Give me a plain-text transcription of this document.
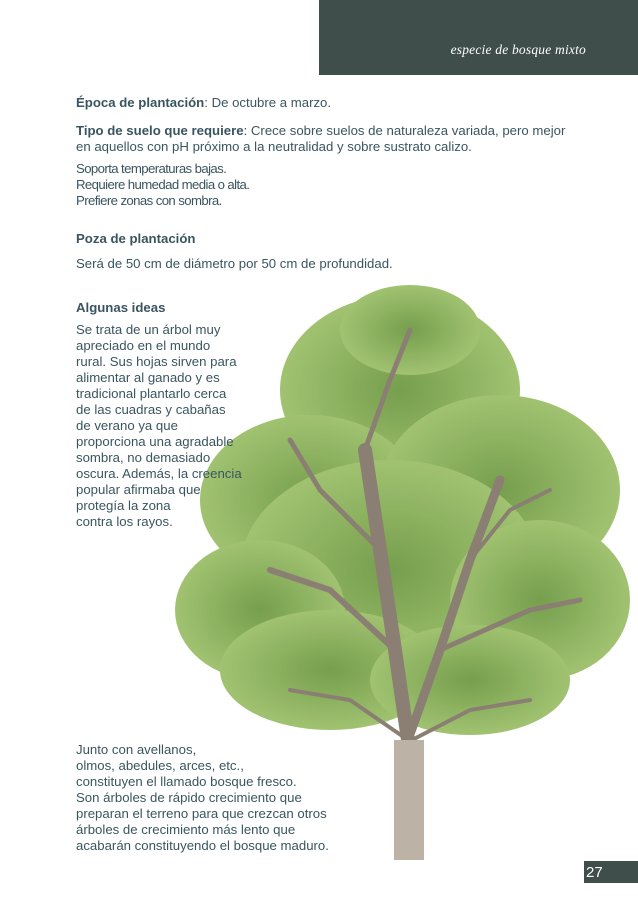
especie de bosque mixto
Época de plantación: De octubre a marzo.
Tipo de suelo que requiere: Crece sobre suelos de naturaleza variada, pero mejor
en aquellos con pH próximo a la neutralidad y sobre sustrato calizo.
Soporta temperaturas bajas.
Requiere humedad media o alta.
Prefiere zonas con sombra.
Poza de plantación
Será de 50 cm de diámetro por 50 cm de profundidad.
Algunas ideas
Se trata de un árbol muy
apreciado en el mundo
rural. Sus hojas sirven para
alimentar al ganado y es
tradicional plantarlo cerca
de las cuadras y cabañas
de verano ya que
proporciona una agradable
sombra, no demasiado
oscura. Además, la creencia
popular afirmaba que
protegía la zona
contra los rayos.
Junto con avellanos,
olmos, abedules, arces, etc.,
constituyen el llamado bosque fresco.
Son árboles de rápido crecimiento que
preparan el terreno para que crezcan otros
árboles de crecimiento más lento que
acabarán constituyendo el bosque maduro.
27
